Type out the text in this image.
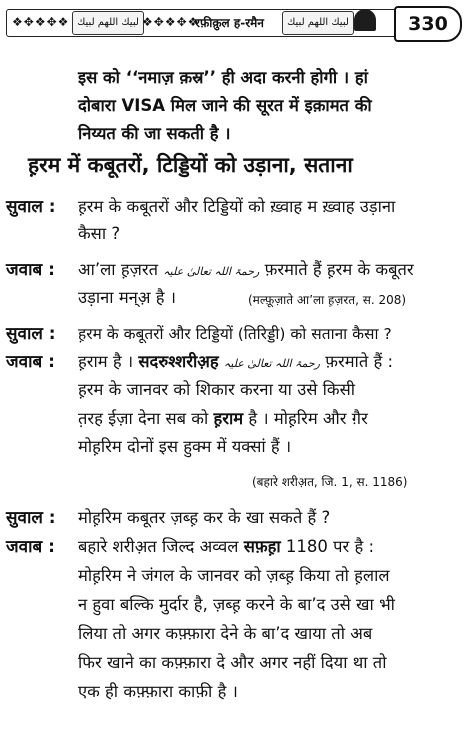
❖✥❖✥❖ لبیك اللهم لبیك ❖✥❖✥❖
रफ़ीक़ुल ह-रमैन	لبیك اللهم لبیك	330
इस को ‘‘नमाज़ क़स्र’’ ही अदा करनी होगी । हां
दोबारा VISA मिल जाने की सूरत में इक़ामत की
निय्यत की जा सकती है ।
ह़रम में कबूतरों, टिड्डियों को उड़ाना, सताना
सुवाल : ह़रम के कबूतरों और टिड्डियों को ख़्वाह म ख़्वाह उड़ाना
कैसा ?
जवाब : आ’ला ह़ज़रत رحمۃ اللہ تعالیٰ علیہ फ़रमाते हैं ह़रम के कबूतर
उड़ाना मन्अ़ है ।	(मल्फ़ूज़ाते आ’ला ह़ज़रत, स. 208)
सुवाल : ह़रम के कबूतरों और टिड्डियों (तिरिड्डी) को सताना कैसा ?
जवाब : ह़राम है । सदरुश्शरीअ़ह رحمۃ اللہ تعالیٰ علیہ फ़रमाते हैं :
ह़रम के जानवर को शिकार करना या उसे किसी
त़रह ईज़ा देना सब को ह़राम है । मोह़रिम और ग़ैर
मोह़रिम दोनों इस हुक्म में यक्सां हैं ।
(बहारे शरीअ़त, जि. 1, स. 1186)
सुवाल : मोह़रिम कबूतर ज़ब्ह़ कर के खा सकते हैं ?
जवाब : बहारे शरीअ़त जिल्द अव्वल सफ़ह़ा 1180 पर है :
मोह़रिम ने जंगल के जानवर को ज़ब्ह़ किया तो ह़लाल
न हुवा बल्कि मुर्दार है, ज़ब्ह़ करने के बा’द उसे खा भी
लिया तो अगर कफ़्फ़ारा देने के बा’द खाया तो अब
फिर खाने का कफ़्फ़ारा दे और अगर नहीं दिया था तो
एक ही कफ़्फ़ारा काफ़ी है ।
